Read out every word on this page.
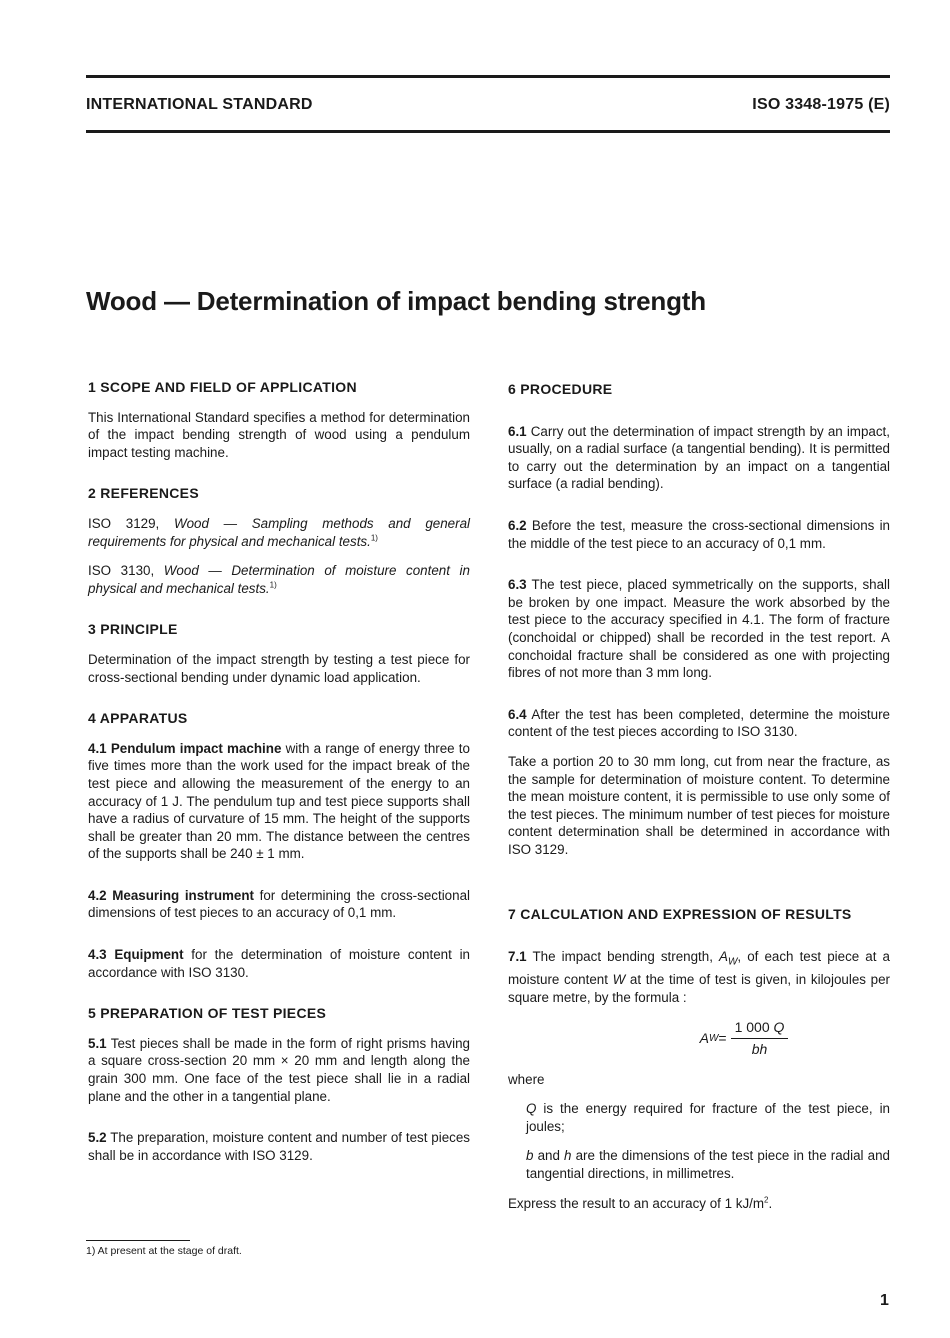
INTERNATIONAL STANDARD	ISO 3348-1975 (E)
Wood — Determination of impact bending strength
1 SCOPE AND FIELD OF APPLICATION

This International Standard specifies a method for determination of the impact bending strength of wood using a pendulum impact testing machine.

2 REFERENCES

ISO 3129, Wood — Sampling methods and general requirements for physical and mechanical tests.$^{1)}$

ISO 3130, Wood — Determination of moisture content in physical and mechanical tests.$^{1)}$

3 PRINCIPLE

Determination of the impact strength by testing a test piece for cross-sectional bending under dynamic load application.

4 APPARATUS

4.1 Pendulum impact machine with a range of energy three to five times more than the work used for the impact break of the test piece and allowing the measurement of the energy to an accuracy of 1 J. The pendulum tup and test piece supports shall have a radius of curvature of 15 mm. The height of the supports shall be greater than 20 mm. The distance between the centres of the supports shall be 240 ± 1 mm.

4.2 Measuring instrument for determining the cross-sectional dimensions of test pieces to an accuracy of 0,1 mm.

4.3 Equipment for the determination of moisture content in accordance with ISO 3130.

5 PREPARATION OF TEST PIECES

5.1 Test pieces shall be made in the form of right prisms having a square cross-section 20 mm × 20 mm and length along the grain 300 mm. One face of the test piece shall lie in a radial plane and the other in a tangential plane.

5.2 The preparation, moisture content and number of test pieces shall be in accordance with ISO 3129.

6 PROCEDURE

6.1 Carry out the determination of impact strength by an impact, usually, on a radial surface (a tangential bending). It is permitted to carry out the determination by an impact on a tangential surface (a radial bending).

6.2 Before the test, measure the cross-sectional dimensions in the middle of the test piece to an accuracy of 0,1 mm.

6.3 The test piece, placed symmetrically on the supports, shall be broken by one impact. Measure the work absorbed by the test piece to the accuracy specified in 4.1. The form of fracture (conchoidal or chipped) shall be recorded in the test report. A conchoidal fracture shall be considered as one with projecting fibres of not more than 3 mm long.

6.4 After the test has been completed, determine the moisture content of the test pieces according to ISO 3130.

Take a portion 20 to 30 mm long, cut from near the fracture, as the sample for determination of moisture content. To determine the mean moisture content, it is permissible to use only some of the test pieces. The minimum number of test pieces for moisture content determination shall be determined in accordance with ISO 3129.

7 CALCULATION AND EXPRESSION OF RESULTS

7.1 The impact bending strength, $A_W$, of each test piece at a moisture content W at the time of test is given, in kilojoules per square metre, by the formula :

A $W = \frac{1 000 Q}{bh}$

where

Q is the energy required for fracture of the test piece, in joules;

b and h are the dimensions of the test piece in the radial and tangential directions, in millimetres.

Express the result to an accuracy of 1 $kJ/m^2$.

1) At present at the stage of draft.
1
